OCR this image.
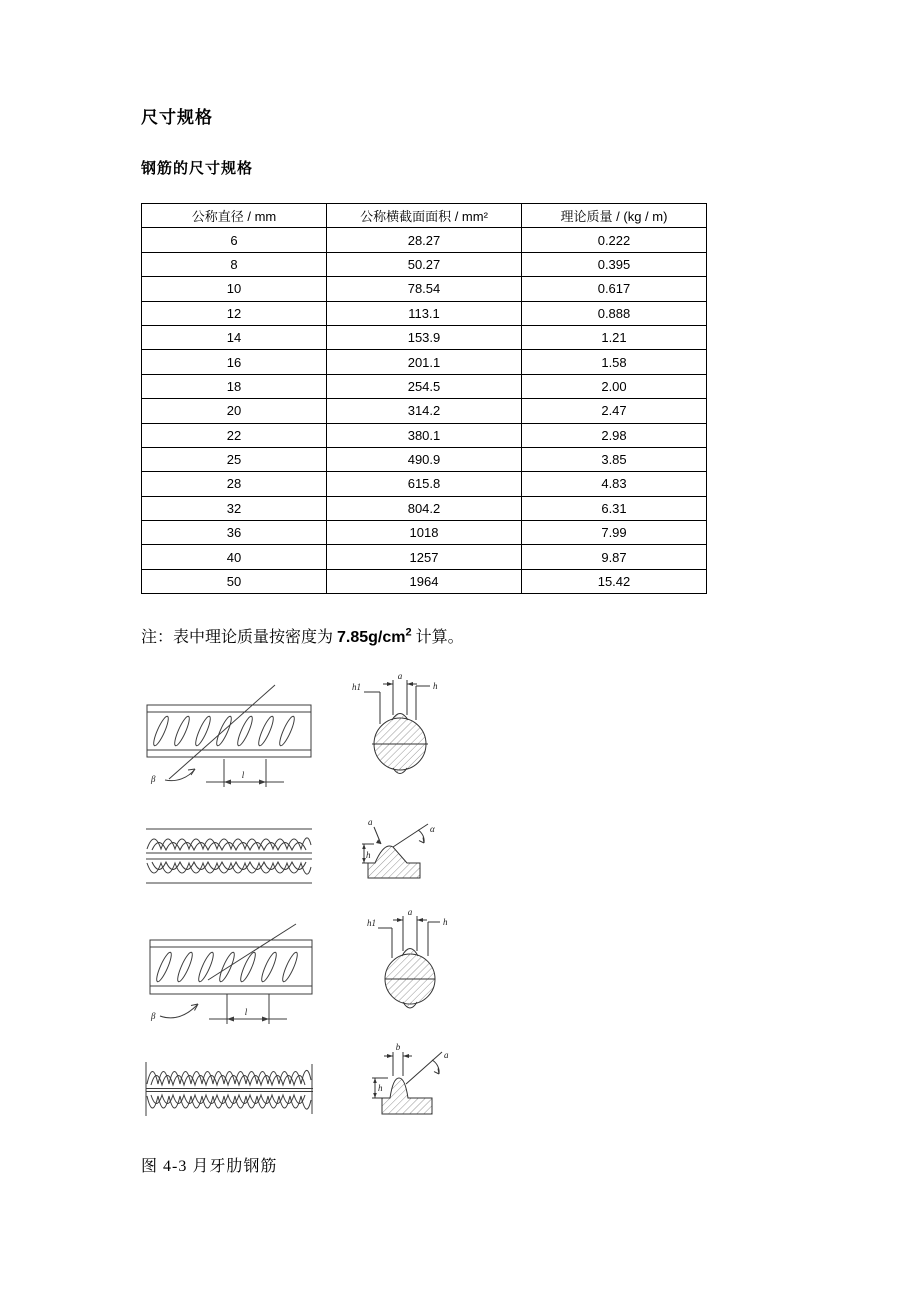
尺寸规格
钢筋的尺寸规格
公称直径 / mm	公称横截面面积 / mm²	理论质量 / (kg / m)
6	28.27	0.222
8	50.27	0.395
10	78.54	0.617
12	113.1	0.888
14	153.9	1.21
16	201.1	1.58
18	254.5	2.00
20	314.2	2.47
22	380.1	2.98
25	490.9	3.85
28	615.8	4.83
32	804.2	6.31
36	1018	7.99
40	1257	9.87
50	1964	15.42

注：表中理论质量按密度为 $7.85g/cm^2$ 计算。

β	l
a
h
h1
a
α
h
β	l
a
h
h1
b
a
h

图 4-3 月牙肋钢筋
